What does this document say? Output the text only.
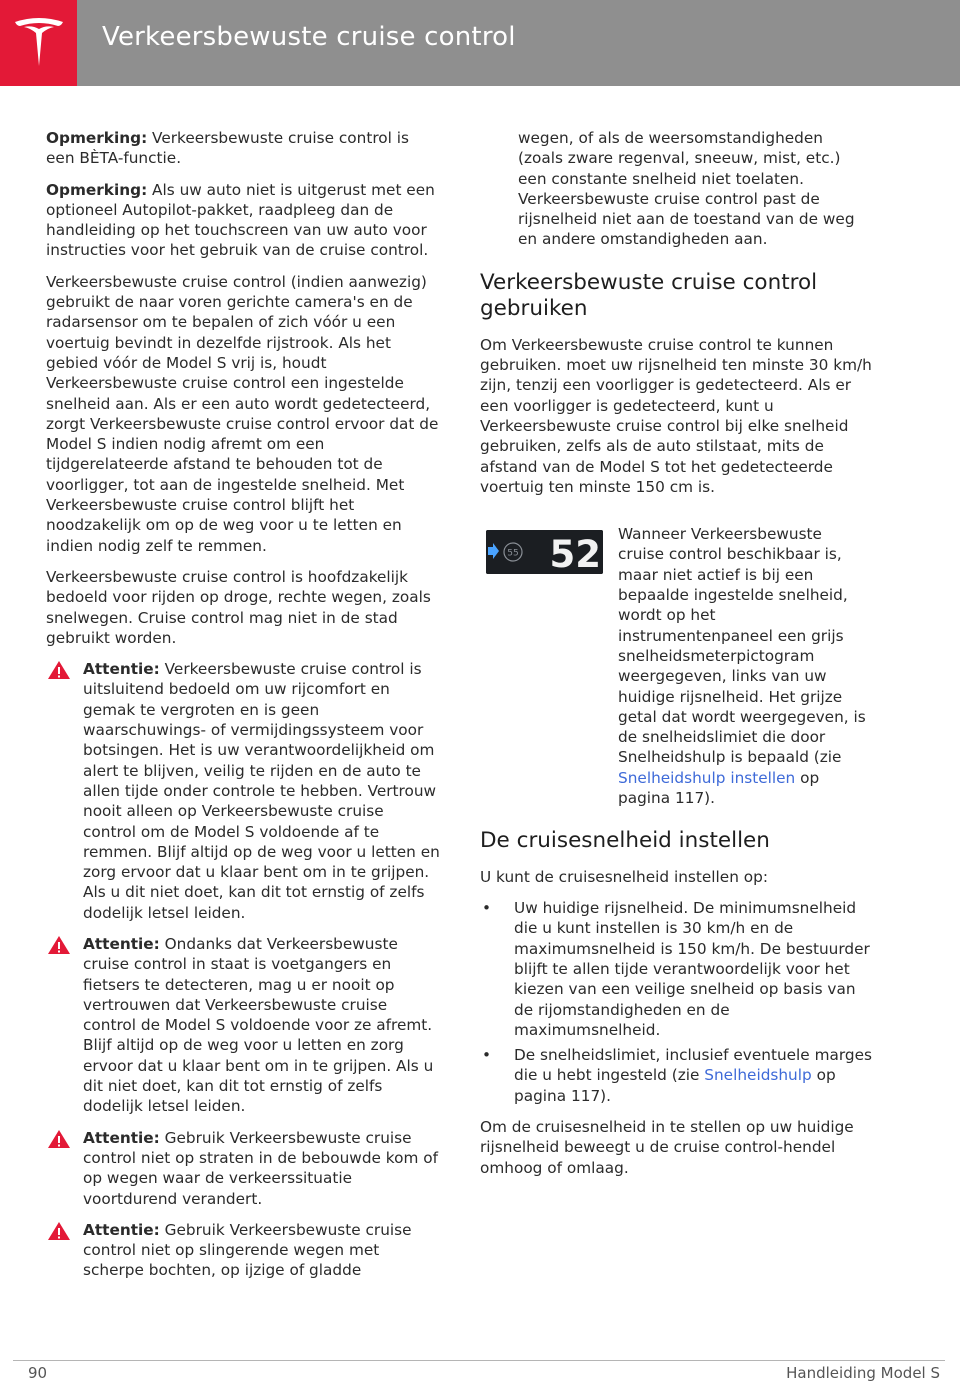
Verkeersbewuste cruise control

Opmerking: Verkeersbewuste cruise control is een BÈTA-functie.

Opmerking: Als uw auto niet is uitgerust met een optioneel Autopilot-pakket, raadpleeg dan de handleiding op het touchscreen van uw auto voor instructies voor het gebruik van de cruise control.

Verkeersbewuste cruise control (indien aanwezig) gebruikt de naar voren gerichte camera's en de radarsensor om te bepalen of zich vóór u een voertuig bevindt in dezelfde rijstrook. Als het gebied vóór de Model S vrij is, houdt Verkeersbewuste cruise control een ingestelde snelheid aan. Als er een auto wordt gedetecteerd, zorgt Verkeersbewuste cruise control ervoor dat de Model S indien nodig afremt om een tijdgerelateerde afstand te behouden tot de voorligger, tot aan de ingestelde snelheid. Met Verkeersbewuste cruise control blijft het noodzakelijk om op de weg voor u te letten en indien nodig zelf te remmen.

Verkeersbewuste cruise control is hoofdzakelijk bedoeld voor rijden op droge, rechte wegen, zoals snelwegen. Cruise control mag niet in de stad gebruikt worden.

Attentie: Verkeersbewuste cruise control is uitsluitend bedoeld om uw rijcomfort en gemak te vergroten en is geen waarschuwings- of vermijdingssysteem voor botsingen. Het is uw verantwoordelijkheid om alert te blijven, veilig te rijden en de auto te allen tijde onder controle te hebben. Vertrouw nooit alleen op Verkeersbewuste cruise control om de Model S voldoende af te remmen. Blijf altijd op de weg voor u letten en zorg ervoor dat u klaar bent om in te grijpen. Als u dit niet doet, kan dit tot ernstig of zelfs dodelijk letsel leiden.
Attentie: Ondanks dat Verkeersbewuste cruise control in staat is voetgangers en fietsers te detecteren, mag u er nooit op vertrouwen dat Verkeersbewuste cruise control de Model S voldoende voor ze afremt. Blijf altijd op de weg voor u letten en zorg ervoor dat u klaar bent om in te grijpen. Als u dit niet doet, kan dit tot ernstig of zelfs dodelijk letsel leiden.
Attentie: Gebruik Verkeersbewuste cruise control niet op straten in de bebouwde kom of op wegen waar de verkeerssituatie voortdurend verandert.
Attentie: Gebruik Verkeersbewuste cruise control niet op slingerende wegen met scherpe bochten, op ijzige of gladde

wegen, of als de weersomstandigheden (zoals zware regenval, sneeuw, mist, etc.) een constante snelheid niet toelaten. Verkeersbewuste cruise control past de rijsnelheid niet aan de toestand van de weg en andere omstandigheden aan.

Verkeersbewuste cruise control gebruiken

Om Verkeersbewuste cruise control te kunnen gebruiken. moet uw rijsnelheid ten minste 30 km/h zijn, tenzij een voorligger is gedetecteerd. Als er een voorligger is gedetecteerd, kunt u Verkeersbewuste cruise control bij elke snelheid gebruiken, zelfs als de auto stilstaat, mits de afstand van de Model S tot het gedetecteerde voertuig ten minste 150 cm is.

55 52 Wanneer Verkeersbewuste cruise control beschikbaar is, maar niet actief is bij een bepaalde ingestelde snelheid, wordt op het instrumentenpaneel een grijs snelheidsmeterpictogram weergegeven, links van uw huidige rijsnelheid. Het grijze getal dat wordt weergegeven, is de snelheidslimiet die door Snelheidshulp is bepaald (zie Snelheidshulp instellen op pagina 117).
De cruisesnelheid instellen

U kunt de cruisesnelheid instellen op:

• Uw huidige rijsnelheid. De minimumsnelheid die u kunt instellen is 30 km/h en de maximumsnelheid is 150 km/h. De bestuurder blijft te allen tijde verantwoordelijk voor het kiezen van een veilige snelheid op basis van de rijomstandigheden en de maximumsnelheid.
• De snelheidslimiet, inclusief eventuele marges die u hebt ingesteld (zie Snelheidshulp op pagina 117).

Om de cruisesnelheid in te stellen op uw huidige rijsnelheid beweegt u de cruise control-hendel omhoog of omlaag.

90	Handleiding Model S
